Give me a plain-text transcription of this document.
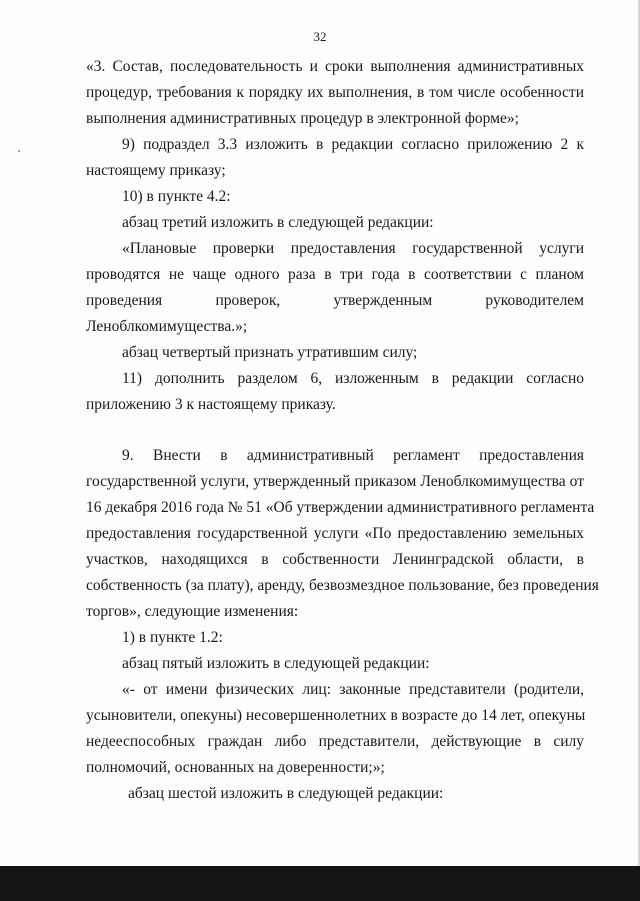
32
«3. Состав, последовательность и сроки выполнения административных
процедур, требования к порядку их выполнения, в том числе особенности
выполнения административных процедур в электронной форме»;
9) подраздел 3.3 изложить в редакции согласно приложению 2 к
настоящему приказу;
10) в пункте 4.2:
абзац третий изложить в следующей редакции:
«Плановые проверки предоставления государственной услуги
проводятся не чаще одного раза в три года в соответствии с планом
проведения проверок, утвержденным руководителем
Леноблкомимущества.»;
абзац четвертый признать утратившим силу;
11) дополнить разделом 6, изложенным в редакции согласно
приложению 3 к настоящему приказу.
9. Внести в административный регламент предоставления
государственной услуги, утвержденный приказом Леноблкомимущества от
16 декабря 2016 года № 51 «Об утверждении административного регламента
предоставления государственной услуги «По предоставлению земельных
участков, находящихся в собственности Ленинградской области, в
собственность (за плату), аренду, безвозмездное пользование, без проведения
торгов», следующие изменения:
1) в пункте 1.2:
абзац пятый изложить в следующей редакции:
«- от имени физических лиц: законные представители (родители,
усыновители, опекуны) несовершеннолетних в возрасте до 14 лет, опекуны
недееспособных граждан либо представители, действующие в силу
полномочий, основанных на доверенности;»;
абзац шестой изложить в следующей редакции:
